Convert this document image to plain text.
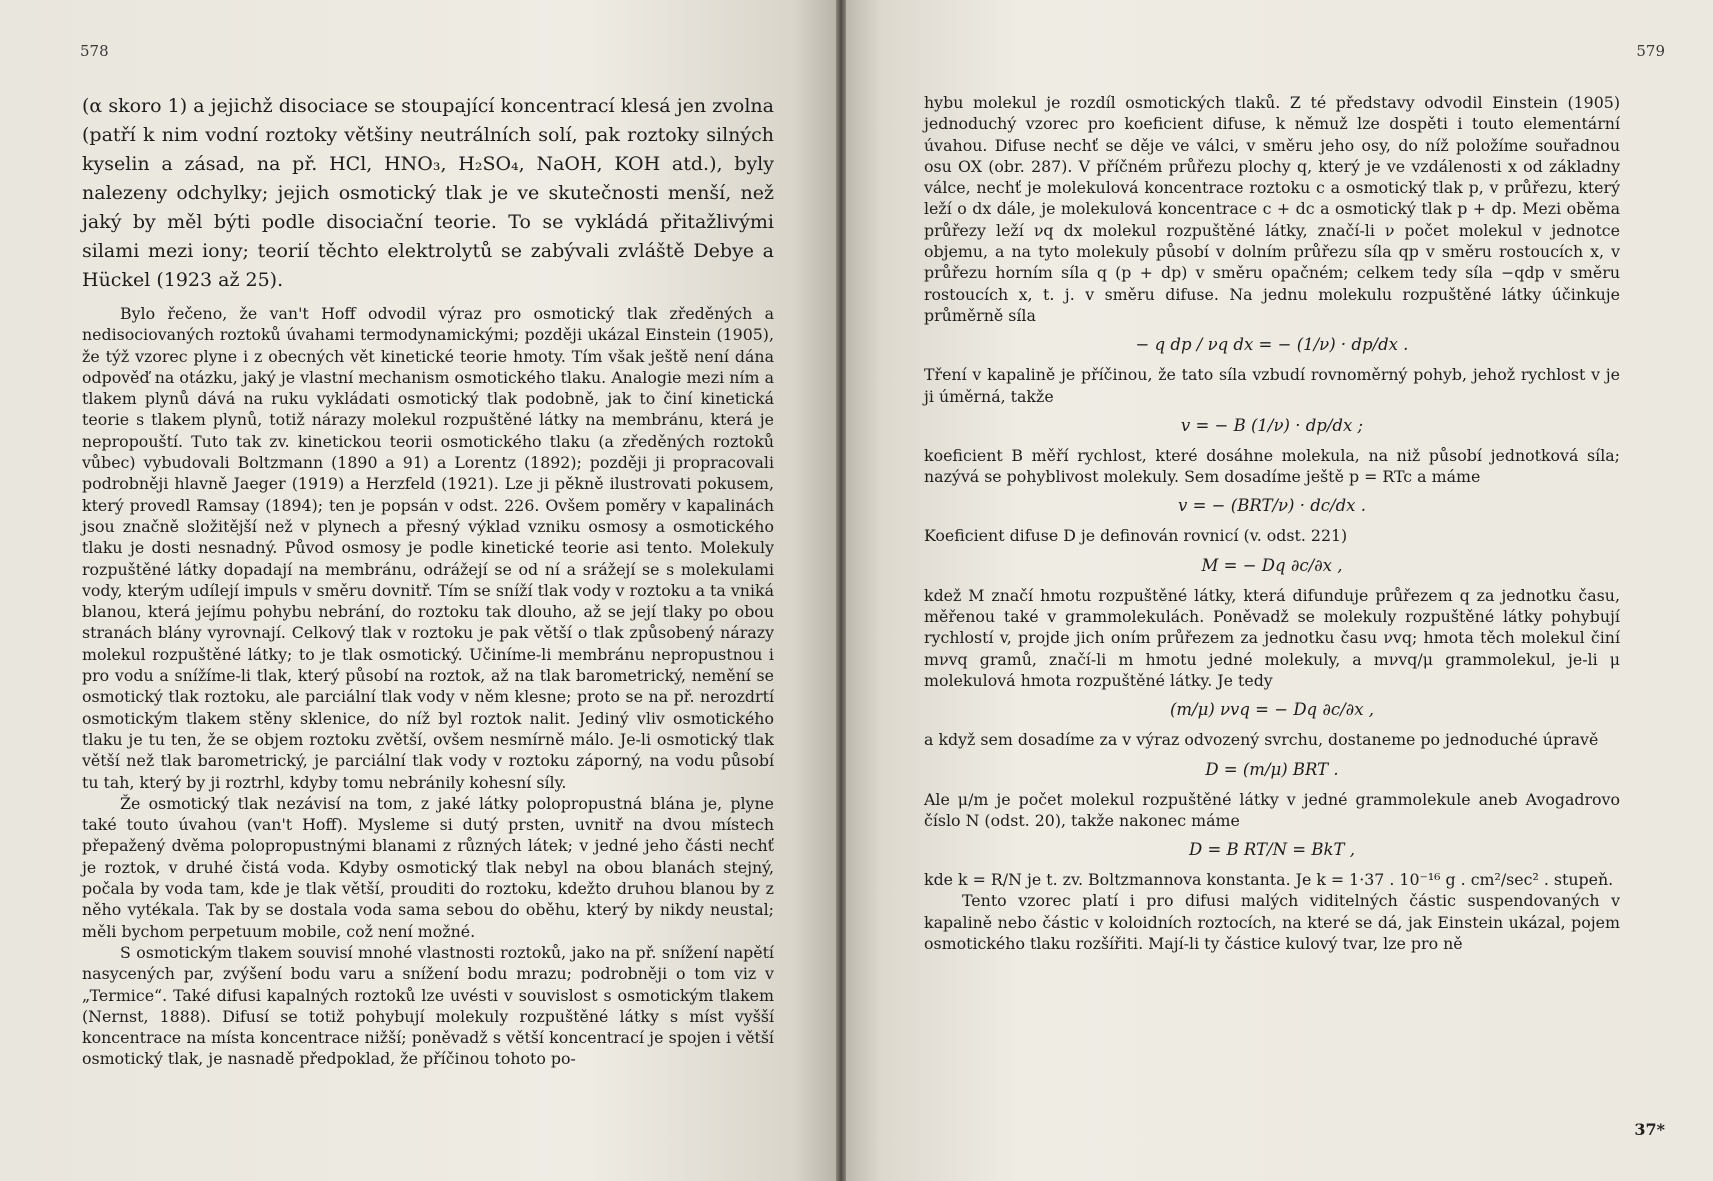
578

(α skoro 1) a jejichž disociace se stoupající koncentrací klesá jen zvolna (patří k nim vodní roztoky většiny neutrálních solí, pak roztoky silných kyselin a zásad, na př. HCl, HNO₃, H₂SO₄, NaOH, KOH atd.), byly nalezeny odchylky; jejich osmotický tlak je ve skutečnosti menší, než jaký by měl býti podle disociační teorie. To se vykládá přitažlivými silami mezi iony; teorií těchto elektrolytů se zabývali zvláště Debye a Hückel (1923 až 25).

Bylo řečeno, že van't Hoff odvodil výraz pro osmotický tlak zředěných a nedisociovaných roztoků úvahami termodynamickými; později ukázal Einstein (1905), že týž vzorec plyne i z obecných vět kinetické teorie hmoty. Tím však ještě není dána odpověď na otázku, jaký je vlastní mechanism osmotického tlaku. Analogie mezi ním a tlakem plynů dává na ruku vykládati osmotický tlak podobně, jak to činí kinetická teorie s tlakem plynů, totiž nárazy molekul rozpuštěné látky na membránu, která je nepropouští. Tuto tak zv. kinetickou teorii osmotického tlaku (a zředěných roztoků vůbec) vybudovali Boltzmann (1890 a 91) a Lorentz (1892); později ji propracovali podrobněji hlavně Jaeger (1919) a Herzfeld (1921). Lze ji pěkně ilustrovati pokusem, který provedl Ramsay (1894); ten je popsán v odst. 226. Ovšem poměry v kapalinách jsou značně složitější než v plynech a přesný výklad vzniku osmosy a osmotického tlaku je dosti nesnadný. Původ osmosy je podle kinetické teorie asi tento. Molekuly rozpuštěné látky dopadají na membránu, odrážejí se od ní a srážejí se s molekulami vody, kterým udílejí impuls v směru dovnitř. Tím se sníží tlak vody v roztoku a ta vniká blanou, která jejímu pohybu nebrání, do roztoku tak dlouho, až se její tlaky po obou stranách blány vyrovnají. Celkový tlak v roztoku je pak větší o tlak způsobený nárazy molekul rozpuštěné látky; to je tlak osmotický. Učiníme-li membránu nepropustnou i pro vodu a snížíme-li tlak, který působí na roztok, až na tlak barometrický, nemění se osmotický tlak roztoku, ale parciální tlak vody v něm klesne; proto se na př. nerozdrtí osmotickým tlakem stěny sklenice, do níž byl roztok nalit. Jediný vliv osmotického tlaku je tu ten, že se objem roztoku zvětší, ovšem nesmírně málo. Je-li osmotický tlak větší než tlak barometrický, je parciální tlak vody v roztoku záporný, na vodu působí tu tah, který by ji roztrhl, kdyby tomu nebránily kohesní síly.

Že osmotický tlak nezávisí na tom, z jaké látky polopropustná blána je, plyne také touto úvahou (van't Hoff). Mysleme si dutý prsten, uvnitř na dvou místech přepažený dvěma polopropustnými blanami z různých látek; v jedné jeho části nechť je roztok, v druhé čistá voda. Kdyby osmotický tlak nebyl na obou blanách stejný, počala by voda tam, kde je tlak větší, prouditi do roztoku, kdežto druhou blanou by z něho vytékala. Tak by se dostala voda sama sebou do oběhu, který by nikdy neustal; měli bychom perpetuum mobile, což není možné.

S osmotickým tlakem souvisí mnohé vlastnosti roztoků, jako na př. snížení napětí nasycených par, zvýšení bodu varu a snížení bodu mrazu; podrobněji o tom viz v „Termice“. Také difusi kapalných roztoků lze uvésti v souvislost s osmotickým tlakem (Nernst, 1888). Difusí se totiž pohybují molekuly rozpuštěné látky s míst vyšší koncentrace na místa koncentrace nižší; poněvadž s větší koncentrací je spojen i větší osmotický tlak, je nasnadě předpoklad, že příčinou tohoto po-

579

hybu molekul je rozdíl osmotických tlaků. Z té představy odvodil Einstein (1905) jednoduchý vzorec pro koeficient difuse, k němuž lze dospěti i touto elementární úvahou. Difuse nechť se děje ve válci, v směru jeho osy, do níž položíme souřadnou osu OX (obr. 287). V příčném průřezu plochy q, který je ve vzdálenosti x od základny válce, nechť je molekulová koncentrace roztoku c a osmotický tlak p, v průřezu, který leží o dx dále, je molekulová koncentrace c + dc a osmotický tlak p + dp. Mezi oběma průřezy leží νq dx molekul rozpuštěné látky, značí-li ν počet molekul v jednotce objemu, a na tyto molekuly působí v dolním průřezu síla qp v směru rostoucích x, v průřezu horním síla q (p + dp) v směru opačném; celkem tedy síla −qdp v směru rostoucích x, t. j. v směru difuse. Na jednu molekulu rozpuštěné látky účinkuje průměrně síla

− q dp / νq dx = − (1/ν) · dp/dx .

Tření v kapalině je příčinou, že tato síla vzbudí rovnoměrný pohyb, jehož rychlost v je ji úměrná, takže

v = − B (1/ν) · dp/dx ;

koeficient B měří rychlost, které dosáhne molekula, na niž působí jednotková síla; nazývá se pohyblivost molekuly. Sem dosadíme ještě p = RTc a máme

v = − (BRT/ν) · dc/dx .

Koeficient difuse D je definován rovnicí (v. odst. 221)

M = − Dq ∂c/∂x ,

kdež M značí hmotu rozpuštěné látky, která difunduje průřezem q za jednotku času, měřenou také v grammolekulách. Poněvadž se molekuly rozpuštěné látky pohybují rychlostí v, projde jich oním průřezem za jednotku času νvq; hmota těch molekul činí mνvq gramů, značí-li m hmotu jedné molekuly, a mνvq/μ grammolekul, je-li μ molekulová hmota rozpuštěné látky. Je tedy

(m/μ) νvq = − Dq ∂c/∂x ,

a když sem dosadíme za v výraz odvozený svrchu, dostaneme po jednoduché úpravě

D = (m/μ) BRT .

Ale μ/m je počet molekul rozpuštěné látky v jedné grammolekule aneb Avogadrovo číslo N (odst. 20), takže nakonec máme

D = B RT/N = BkT ,

kde k = R/N je t. zv. Boltzmannova konstanta. Je k = 1·37 . 10⁻¹⁶ g . cm²/sec² . stupeň.

Tento vzorec platí i pro difusi malých viditelných částic suspendovaných v kapalině nebo částic v koloidních roztocích, na které se dá, jak Einstein ukázal, pojem osmotického tlaku rozšířiti. Mají-li ty částice kulový tvar, lze pro ně

37*
